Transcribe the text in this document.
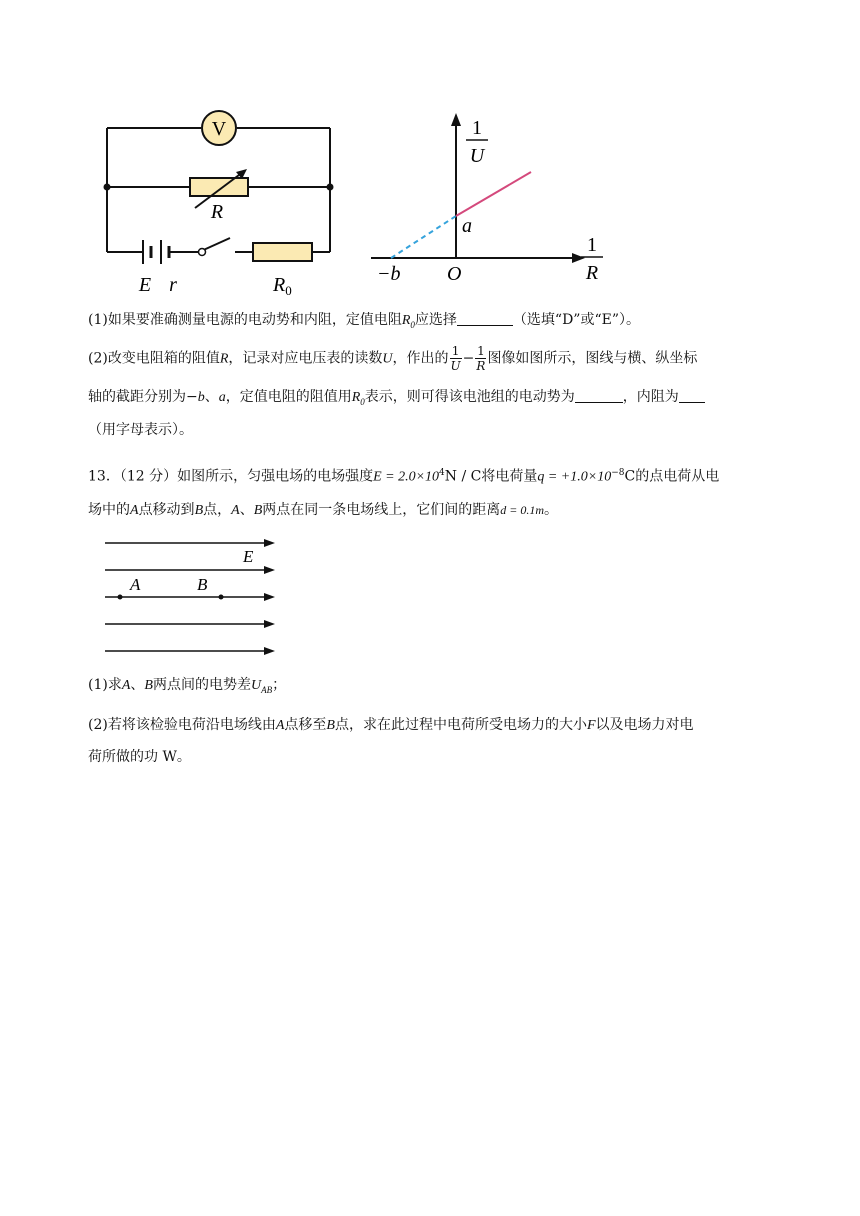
V
R
E r	$R_0$
1
U
1
R
a
−b O
(1)如果要准确测量电源的电动势和内阻，定值电阻$R_0$应选择	（选填“D”或“E”）。
(2)改变电阻箱的阻值R，记录对应电压表的读数U，作出的 $\frac{1}{U} - \frac{1}{R}$ 图像如图所示，图线与横、纵坐标
轴的截距分别为−b、a，定值电阻的阻值用$R_0$表示，则可得该电池组的电动势为	，内阻为
（用字母表示）。
13．（12 分）如图所示，匀强电场的电场强度$E = 2.0\times 10^4N / C$将电荷量$q = +1.0\times 10^{-8}C$的点电荷从电
场中的A点移动到B点，A、B两点在同一条电场线上，它们间的距离d = 0.1m。
E
A	B
(1)求A、B两点间的电势差$U_{AB}$；
(2)若将该检验电荷沿电场线由A点移至B点，求在此过程中电荷所受电场力的大小F以及电场力对电
荷所做的功 W。
